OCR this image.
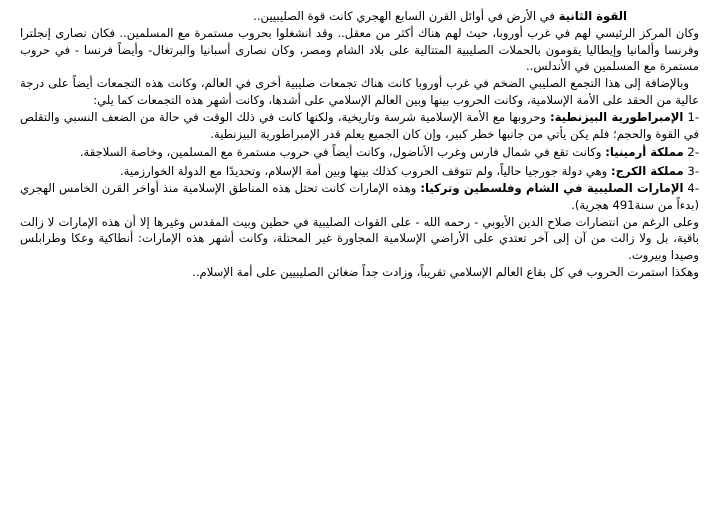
القوة الثانية في الأرض في أوائل القرن السابع الهجري كانت قوة الصليبيين..

وكان المركز الرئيسي لهم في غرب أوروبا، حيث لهم هناك أكثر من معقل.. وقد انشغلوا بحروب مستمرة مع المسلمين.. فكان نصارى إنجلترا وفرنسا وألمانيا وإيطاليا يقومون بالحملات الصليبية المتتالية على بلاد الشام ومصر، وكان نصارى أسبانيا والبرتغال- وأيضاً فرنسا - في حروب مستمرة مع المسلمين في الأندلس..

وبالإضافة إلى هذا التجمع الصليبي الضخم في غرب أوروبا كانت هناك تجمعات صليبية أخرى في العالم، وكانت هذه التجمعات أيضاً على درجة عالية من الحقد على الأمة الإسلامية، وكانت الحروب بينها وبين العالم الإسلامي على أشدها، وكانت أشهر هذه التجمعات كما يلي:

-1 الإمبراطورية البيزنطية: وحروبها مع الأمة الإسلامية شرسة وتاريخية، ولكنها كانت في ذلك الوقت في حالة من الضعف النسبي والتقلص في القوة والحجم؛ فلم يكن يأتي من جانبها خطر كبير، وإن كان الجميع يعلم قدر الإمبراطورية البيزنطية.

-2 مملكة أرمينيا: وكانت تقع في شمال فارس وغرب الأناضول، وكانت أيضاً في حروب مستمرة مع المسلمين، وخاصة السلاجقة.

-3 مملكة الكرج: وهي دولة جورجيا حالياً، ولم تتوقف الحروب كذلك بينها وبين أمة الإسلام، وتحديدًا مع الدولة الخوارزمية.

-4 الإمارات الصليبية في الشام وفلسطين وتركيا: وهذه الإمارات كانت تحتل هذه المناطق الإسلامية منذ أواخر القرن الخامس الهجري (بدءاً من سنة491 هجرية).

وعلى الرغم من انتصارات صلاح الدين الأيوبي - رحمه الله - على القوات الصليبية في حطين وبيت المقدس وغيرها إلا أن هذه الإمارات لا زالت باقية، بل ولا زالت من آن إلى آخر تعتدي على الأراضي الإسلامية المجاورة غير المحتلة، وكانت أشهر هذه الإمارات: أنطاكية وعكا وطرابلس وصيدا وبيروت.

وهكذا استمرت الحروب في كل بقاع العالم الإسلامي تقريباً، وزادت جداً ضغائن الصليبيين على أمة الإسلام..
